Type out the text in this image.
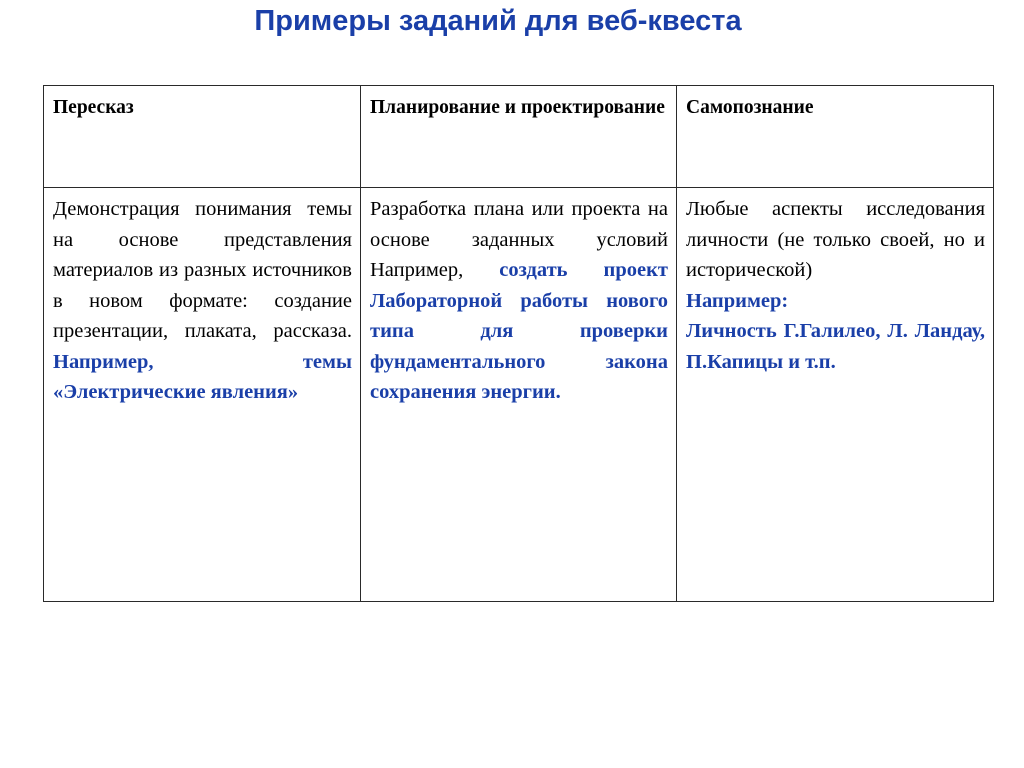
Примеры заданий для веб-квеста
Пересказ	Планирование и проектирование	Самопознание
Демонстрация понимания темы на основе представления материалов из разных источников в новом формате: создание презентации, плаката, рассказа. Например, темы «Электрические явления»	Разработка плана или проекта на основе заданных условий Например, создать проект Лабораторной работы нового типа для проверки фундаментального закона сохранения энергии.	Любые аспекты исследования личности (не только своей, но и исторической)
Например:
Личность Г.Галилео, Л. Ландау, П.Капицы и т.п.
